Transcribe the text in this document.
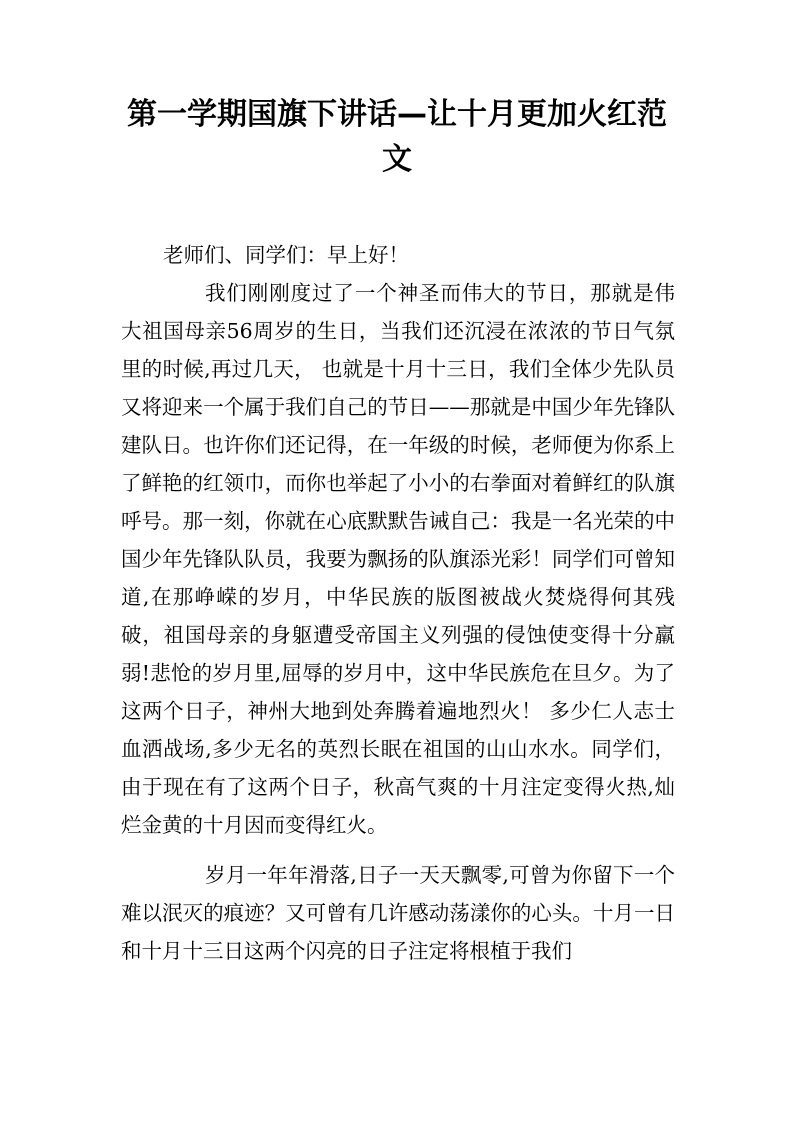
第一学期国旗下讲话—让十月更加火红范文

老师们、同学们：早上好！

我们刚刚度过了一个神圣而伟大的节日，那就是伟大祖国母亲56周岁的生日，当我们还沉浸在浓浓的节日气氛里的时候,再过几天， 也就是十月十三日，我们全体少先队员又将迎来一个属于我们自己的节日——那就是中国少年先锋队建队日。也许你们还记得，在一年级的时候，老师便为你系上了鲜艳的红领巾，而你也举起了小小的右拳面对着鲜红的队旗呼号。那一刻，你就在心底默默告诫自己：我是一名光荣的中国少年先锋队队员，我要为飘扬的队旗添光彩！同学们可曾知道,在那峥嵘的岁月，中华民族的版图被战火焚烧得何其残破，祖国母亲的身躯遭受帝国主义列强的侵蚀使变得十分羸弱!悲怆的岁月里,屈辱的岁月中，这中华民族危在旦夕。为了这两个日子，神州大地到处奔腾着遍地烈火！ 多少仁人志士血洒战场,多少无名的英烈长眠在祖国的山山水水。同学们，由于现在有了这两个日子，秋高气爽的十月注定变得火热,灿烂金黄的十月因而变得红火。

岁月一年年滑落,日子一天天飘零,可曾为你留下一个难以泯灭的痕迹？又可曾有几许感动荡漾你的心头。十月一日和十月十三日这两个闪亮的日子注定将根植于我们
